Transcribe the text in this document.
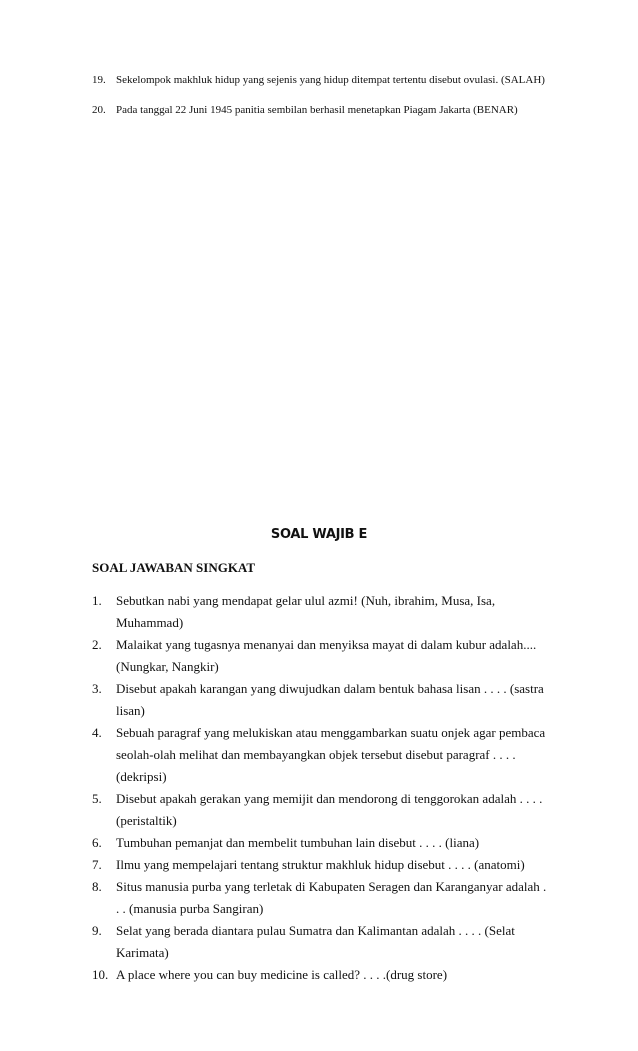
19. Sekelompok makhluk hidup yang sejenis yang hidup ditempat tertentu disebut ovulasi. (SALAH)
20. Pada tanggal 22 Juni 1945 panitia sembilan berhasil menetapkan Piagam Jakarta (BENAR)
SOAL WAJIB E
SOAL JAWABAN SINGKAT
1.	Sebutkan nabi yang mendapat gelar ulul azmi! (Nuh, ibrahim, Musa, Isa, Muhammad)
2.	Malaikat yang tugasnya menanyai dan menyiksa mayat di dalam kubur adalah.... (Nungkar, Nangkir)
3.	Disebut apakah karangan yang diwujudkan dalam bentuk bahasa lisan . . . . (sastra lisan)
4.	Sebuah paragraf yang melukiskan atau menggambarkan suatu onjek agar pembaca seolah-olah melihat dan membayangkan objek tersebut disebut paragraf . . . . (dekripsi)
5.	Disebut apakah gerakan yang memijit dan mendorong di tenggorokan adalah . . . . (peristaltik)
6.	Tumbuhan pemanjat dan membelit tumbuhan lain disebut . . . . (liana)
7.	Ilmu yang mempelajari tentang struktur makhluk hidup disebut . . . . (anatomi)
8.	Situs manusia purba yang terletak di Kabupaten Seragen dan Karanganyar adalah . . . (manusia purba Sangiran)
9.	Selat yang berada diantara pulau Sumatra dan Kalimantan adalah . . . . (Selat Karimata)
10. A place where you can buy medicine is called? . . . .(drug store)
